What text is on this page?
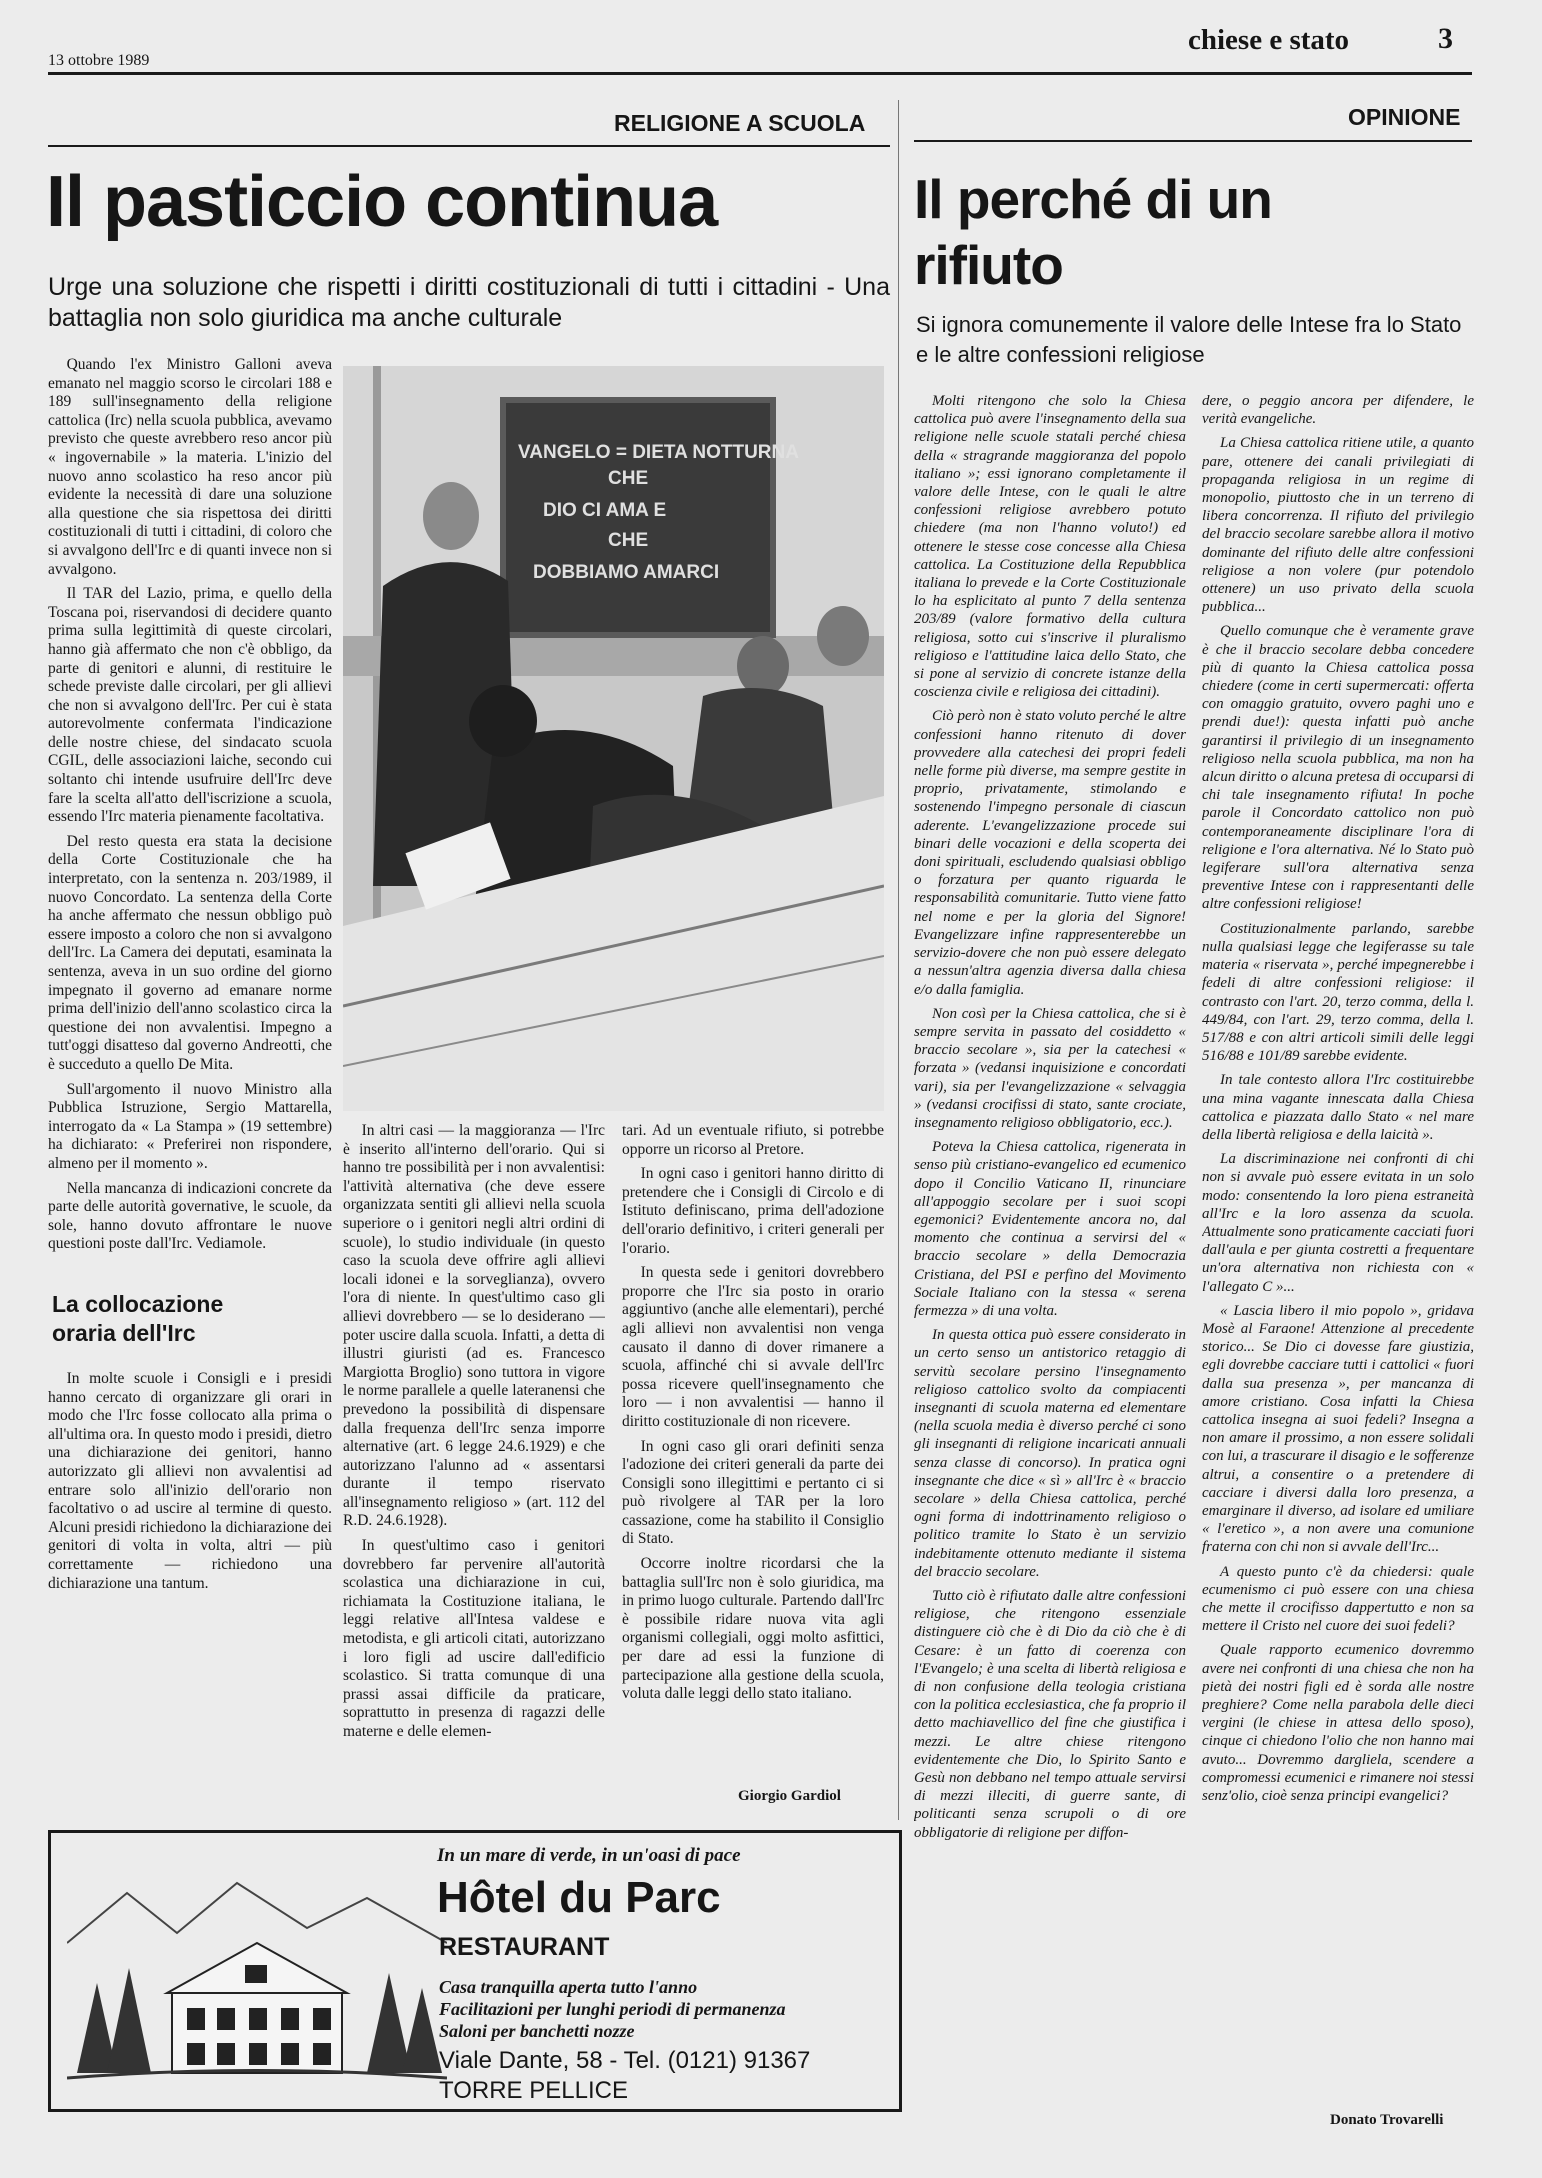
13 ottobre 1989
chiese e stato	3
RELIGIONE A SCUOLA
Il pasticcio continua
Urge una soluzione che rispetti i diritti costituzionali di tutti i cittadini - Una battaglia non solo giuridica ma anche culturale

Quando l'ex Ministro Galloni aveva emanato nel maggio scorso le circolari 188 e 189 sull'insegnamento della religione cattolica (Irc) nella scuola pubblica, avevamo previsto che queste avrebbero reso ancor più « ingovernabile » la materia. L'inizio del nuovo anno scolastico ha reso ancor più evidente la necessità di dare una soluzione alla questione che sia rispettosa dei diritti costituzionali di tutti i cittadini, di coloro che si avvalgono dell'Irc e di quanti invece non si avvalgono.

Il TAR del Lazio, prima, e quello della Toscana poi, riservandosi di decidere quanto prima sulla legittimità di queste circolari, hanno già affermato che non c'è obbligo, da parte di genitori e alunni, di restituire le schede previste dalle circolari, per gli allievi che non si avvalgono dell'Irc. Per cui è stata autorevolmente confermata l'indicazione delle nostre chiese, del sindacato scuola CGIL, delle associazioni laiche, secondo cui soltanto chi intende usufruire dell'Irc deve fare la scelta all'atto dell'iscrizione a scuola, essendo l'Irc materia pienamente facoltativa.

Del resto questa era stata la decisione della Corte Costituzionale che ha interpretato, con la sentenza n. 203/1989, il nuovo Concordato. La sentenza della Corte ha anche affermato che nessun obbligo può essere imposto a coloro che non si avvalgono dell'Irc. La Camera dei deputati, esaminata la sentenza, aveva in un suo ordine del giorno impegnato il governo ad emanare norme prima dell'inizio dell'anno scolastico circa la questione dei non avvalentisi. Impegno a tutt'oggi disatteso dal governo Andreotti, che è succeduto a quello De Mita.

Sull'argomento il nuovo Ministro alla Pubblica Istruzione, Sergio Mattarella, interrogato da « La Stampa » (19 settembre) ha dichiarato: « Preferirei non rispondere, almeno per il momento ».

Nella mancanza di indicazioni concrete da parte delle autorità governative, le scuole, da sole, hanno dovuto affrontare le nuove questioni poste dall'Irc. Vediamole.

La collocazione oraria dell'Irc

In molte scuole i Consigli e i presidi hanno cercato di organizzare gli orari in modo che l'Irc fosse collocato alla prima o all'ultima ora. In questo modo i presidi, dietro una dichiarazione dei genitori, hanno autorizzato gli allievi non avvalentisi ad entrare solo all'inizio dell'orario non facoltativo o ad uscire al termine di questo. Alcuni presidi richiedono la dichiarazione dei genitori di volta in volta, altri — più correttamente — richiedono una dichiarazione una tantum.

VANGELO = DIETA NOTTURNA
CHE
DIO CI AMA E
CHE
DOBBIAMO AMARCI

In altri casi — la maggioranza — l'Irc è inserito all'interno dell'orario. Qui si hanno tre possibilità per i non avvalentisi: l'attività alternativa (che deve essere organizzata sentiti gli allievi nella scuola superiore o i genitori negli altri ordini di scuole), lo studio individuale (in questo caso la scuola deve offrire agli allievi locali idonei e la sorveglianza), ovvero l'ora di niente. In quest'ultimo caso gli allievi dovrebbero — se lo desiderano — poter uscire dalla scuola. Infatti, a detta di illustri giuristi (ad es. Francesco Margiotta Broglio) sono tuttora in vigore le norme parallele a quelle lateranensi che prevedono la possibilità di dispensare dalla frequenza dell'Irc senza imporre alternative (art. 6 legge 24.6.1929) e che autorizzano l'alunno ad « assentarsi durante il tempo riservato all'insegnamento religioso » (art. 112 del R.D. 24.6.1928).

In quest'ultimo caso i genitori dovrebbero far pervenire all'autorità scolastica una dichiarazione in cui, richiamata la Costituzione italiana, le leggi relative all'Intesa valdese e metodista, e gli articoli citati, autorizzano i loro figli ad uscire dall'edificio scolastico. Si tratta comunque di una prassi assai difficile da praticare, soprattutto in presenza di ragazzi delle materne e delle elemen-

tari. Ad un eventuale rifiuto, si potrebbe opporre un ricorso al Pretore.

In ogni caso i genitori hanno diritto di pretendere che i Consigli di Circolo e di Istituto definiscano, prima dell'adozione dell'orario definitivo, i criteri generali per l'orario.

In questa sede i genitori dovrebbero proporre che l'Irc sia posto in orario aggiuntivo (anche alle elementari), perché agli allievi non avvalentisi non venga causato il danno di dover rimanere a scuola, affinché chi si avvale dell'Irc possa ricevere quell'insegnamento che loro — i non avvalentisi — hanno il diritto costituzionale di non ricevere.

In ogni caso gli orari definiti senza l'adozione dei criteri generali da parte dei Consigli sono illegittimi e pertanto ci si può rivolgere al TAR per la loro cassazione, come ha stabilito il Consiglio di Stato.

Occorre inoltre ricordarsi che la battaglia sull'Irc non è solo giuridica, ma in primo luogo culturale. Partendo dall'Irc è possibile ridare nuova vita agli organismi collegiali, oggi molto asfittici, per dare ad essi la funzione di partecipazione alla gestione della scuola, voluta dalle leggi dello stato italiano.

Giorgio Gardiol
OPINIONE
Il perché di un
rifiuto
Si ignora comunemente il valore delle Intese fra lo Stato e le altre confessioni religiose

Molti ritengono che solo la Chiesa cattolica può avere l'insegnamento della sua religione nelle scuole statali perché chiesa della « stragrande maggioranza del popolo italiano »; essi ignorano completamente il valore delle Intese, con le quali le altre confessioni religiose avrebbero potuto chiedere (ma non l'hanno voluto!) ed ottenere le stesse cose concesse alla Chiesa cattolica. La Costituzione della Repubblica italiana lo prevede e la Corte Costituzionale lo ha esplicitato al punto 7 della sentenza 203/89 (valore formativo della cultura religiosa, sotto cui s'inscrive il pluralismo religioso e l'attitudine laica dello Stato, che si pone al servizio di concrete istanze della coscienza civile e religiosa dei cittadini).

Ciò però non è stato voluto perché le altre confessioni hanno ritenuto di dover provvedere alla catechesi dei propri fedeli nelle forme più diverse, ma sempre gestite in proprio, privatamente, stimolando e sostenendo l'impegno personale di ciascun aderente. L'evangelizzazione procede sui binari delle vocazioni e della scoperta dei doni spirituali, escludendo qualsiasi obbligo o forzatura per quanto riguarda le responsabilità comunitarie. Tutto viene fatto nel nome e per la gloria del Signore! Evangelizzare infine rappresenterebbe un servizio-dovere che non può essere delegato a nessun'altra agenzia diversa dalla chiesa e/o dalla famiglia.

Non così per la Chiesa cattolica, che si è sempre servita in passato del cosiddetto « braccio secolare », sia per la catechesi « forzata » (vedansi inquisizione e concordati vari), sia per l'evangelizzazione « selvaggia » (vedansi crocifissi di stato, sante crociate, insegnamento religioso obbligatorio, ecc.).

Poteva la Chiesa cattolica, rigenerata in senso più cristiano-evangelico ed ecumenico dopo il Concilio Vaticano II, rinunciare all'appoggio secolare per i suoi scopi egemonici? Evidentemente ancora no, dal momento che continua a servirsi del « braccio secolare » della Democrazia Cristiana, del PSI e perfino del Movimento Sociale Italiano con la stessa « serena fermezza » di una volta.

In questa ottica può essere considerato in un certo senso un antistorico retaggio di servitù secolare persino l'insegnamento religioso cattolico svolto da compiacenti insegnanti di scuola materna ed elementare (nella scuola media è diverso perché ci sono gli insegnanti di religione incaricati annuali senza classe di concorso). In pratica ogni insegnante che dice « sì » all'Irc è « braccio secolare » della Chiesa cattolica, perché ogni forma di indottrinamento religioso o politico tramite lo Stato è un servizio indebitamente ottenuto mediante il sistema del braccio secolare.

Tutto ciò è rifiutato dalle altre confessioni religiose, che ritengono essenziale distinguere ciò che è di Dio da ciò che è di Cesare: è un fatto di coerenza con l'Evangelo; è una scelta di libertà religiosa e di non confusione della teologia cristiana con la politica ecclesiastica, che fa proprio il detto machiavellico del fine che giustifica i mezzi. Le altre chiese ritengono evidentemente che Dio, lo Spirito Santo e Gesù non debbano nel tempo attuale servirsi di mezzi illeciti, di guerre sante, di politicanti senza scrupoli o di ore obbligatorie di religione per diffon-

dere, o peggio ancora per difendere, le verità evangeliche.

La Chiesa cattolica ritiene utile, a quanto pare, ottenere dei canali privilegiati di propaganda religiosa in un regime di monopolio, piuttosto che in un terreno di libera concorrenza. Il rifiuto del privilegio del braccio secolare sarebbe allora il motivo dominante del rifiuto delle altre confessioni religiose a non volere (pur potendolo ottenere) un uso privato della scuola pubblica...

Quello comunque che è veramente grave è che il braccio secolare debba concedere più di quanto la Chiesa cattolica possa chiedere (come in certi supermercati: offerta con omaggio gratuito, ovvero paghi uno e prendi due!): questa infatti può anche garantirsi il privilegio di un insegnamento religioso nella scuola pubblica, ma non ha alcun diritto o alcuna pretesa di occuparsi di chi tale insegnamento rifiuta! In poche parole il Concordato cattolico non può contemporaneamente disciplinare l'ora di religione e l'ora alternativa. Né lo Stato può legiferare sull'ora alternativa senza preventive Intese con i rappresentanti delle altre confessioni religiose!

Costituzionalmente parlando, sarebbe nulla qualsiasi legge che legiferasse su tale materia « riservata », perché impegnerebbe i fedeli di altre confessioni religiose: il contrasto con l'art. 20, terzo comma, della l. 449/84, con l'art. 29, terzo comma, della l. 517/88 e con altri articoli simili delle leggi 516/88 e 101/89 sarebbe evidente.

In tale contesto allora l'Irc costituirebbe una mina vagante innescata dalla Chiesa cattolica e piazzata dallo Stato « nel mare della libertà religiosa e della laicità ».

La discriminazione nei confronti di chi non si avvale può essere evitata in un solo modo: consentendo la loro piena estraneità all'Irc e la loro assenza da scuola. Attualmente sono praticamente cacciati fuori dall'aula e per giunta costretti a frequentare un'ora alternativa non richiesta con « l'allegato C »...

« Lascia libero il mio popolo », gridava Mosè al Faraone! Attenzione al precedente storico... Se Dio ci dovesse fare giustizia, egli dovrebbe cacciare tutti i cattolici « fuori dalla sua presenza », per mancanza di amore cristiano. Cosa infatti la Chiesa cattolica insegna ai suoi fedeli? Insegna a non amare il prossimo, a non essere solidali con lui, a trascurare il disagio e le sofferenze altrui, a consentire o a pretendere di cacciare i diversi dalla loro presenza, a emarginare il diverso, ad isolare ed umiliare « l'eretico », a non avere una comunione fraterna con chi non si avvale dell'Irc...

A questo punto c'è da chiedersi: quale ecumenismo ci può essere con una chiesa che mette il crocifisso dappertutto e non sa mettere il Cristo nel cuore dei suoi fedeli?

Quale rapporto ecumenico dovremmo avere nei confronti di una chiesa che non ha pietà dei nostri figli ed è sorda alle nostre preghiere? Come nella parabola delle dieci vergini (le chiese in attesa dello sposo), cinque ci chiedono l'olio che non hanno mai avuto... Dovremmo dargliela, scendere a compromessi ecumenici e rimanere noi stessi senz'olio, cioè senza principi evangelici?

Donato Trovarelli
In un mare di verde, in un'oasi di pace
Hôtel du Parc
RESTAURANT
Casa tranquilla aperta tutto l'anno
Facilitazioni per lunghi periodi di permanenza
Saloni per banchetti nozze
Viale Dante, 58 - Tel. (0121) 91367
TORRE PELLICE
